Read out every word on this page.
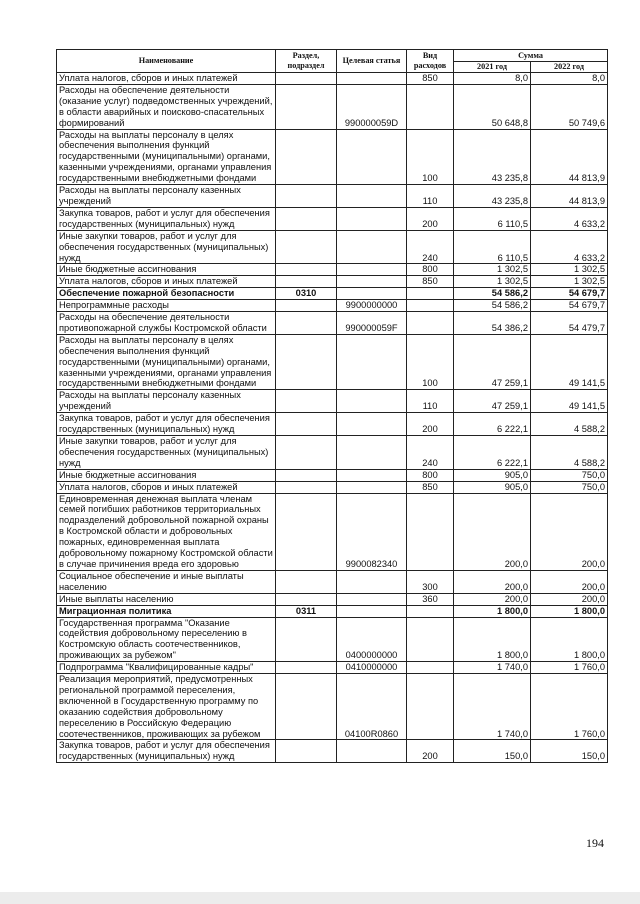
Наименование	Раздел, подраздел	Целевая статья	Вид расходов	Сумма	
				2021 год	2022 год
Уплата налогов, сборов и иных платежей			850	8,0	8,0
Расходы на обеспечение деятельности (оказание услуг) подведомственных учреждений, в области аварийных и поисково-спасательных формирований		990000059D		50 648,8	50 749,6
Расходы на выплаты персоналу в целях обеспечения выполнения функций государственными (муниципальными) органами, казенными учреждениями, органами управления государственными внебюджетными фондами			100	43 235,8	44 813,9
Расходы на выплаты персоналу казенных учреждений			110	43 235,8	44 813,9
Закупка товаров, работ и услуг для обеспечения государственных (муниципальных) нужд			200	6 110,5	4 633,2
Иные закупки товаров, работ и услуг для обеспечения государственных (муниципальных) нужд			240	6 110,5	4 633,2
Иные бюджетные ассигнования			800	1 302,5	1 302,5
Уплата налогов, сборов и иных платежей			850	1 302,5	1 302,5
Обеспечение пожарной безопасности	0310			54 586,2	54 679,7
Непрограммные расходы		9900000000		54 586,2	54 679,7
Расходы на обеспечение деятельности противопожарной службы Костромской области		990000059F		54 386,2	54 479,7
Расходы на выплаты персоналу в целях обеспечения выполнения функций государственными (муниципальными) органами, казенными учреждениями, органами управления государственными внебюджетными фондами			100	47 259,1	49 141,5
Расходы на выплаты персоналу казенных учреждений			110	47 259,1	49 141,5
Закупка товаров, работ и услуг для обеспечения государственных (муниципальных) нужд			200	6 222,1	4 588,2
Иные закупки товаров, работ и услуг для обеспечения государственных (муниципальных) нужд			240	6 222,1	4 588,2
Иные бюджетные ассигнования			800	905,0	750,0
Уплата налогов, сборов и иных платежей			850	905,0	750,0
Единовременная денежная выплата членам семей погибших работников территориальных подразделений добровольной пожарной охраны в Костромской области и добровольных пожарных, единовременная выплата добровольному пожарному Костромской области в случае причинения вреда его здоровью		9900082340		200,0	200,0
Социальное обеспечение и иные выплаты населению			300	200,0	200,0
Иные выплаты населению			360	200,0	200,0
Миграционная политика	0311			1 800,0	1 800,0
Государственная программа "Оказание содействия добровольному переселению в Костромскую область соотечественников, проживающих за рубежом"		0400000000		1 800,0	1 800,0
Подпрограмма "Квалифицированные кадры"		0410000000		1 740,0	1 760,0
Реализация мероприятий, предусмотренных региональной программой переселения, включенной в Государственную программу по оказанию содействия добровольному переселению в Российскую Федерацию соотечественников, проживающих за рубежом		04100R0860		1 740,0	1 760,0
Закупка товаров, работ и услуг для обеспечения государственных (муниципальных) нужд			200	150,0	150,0
194
